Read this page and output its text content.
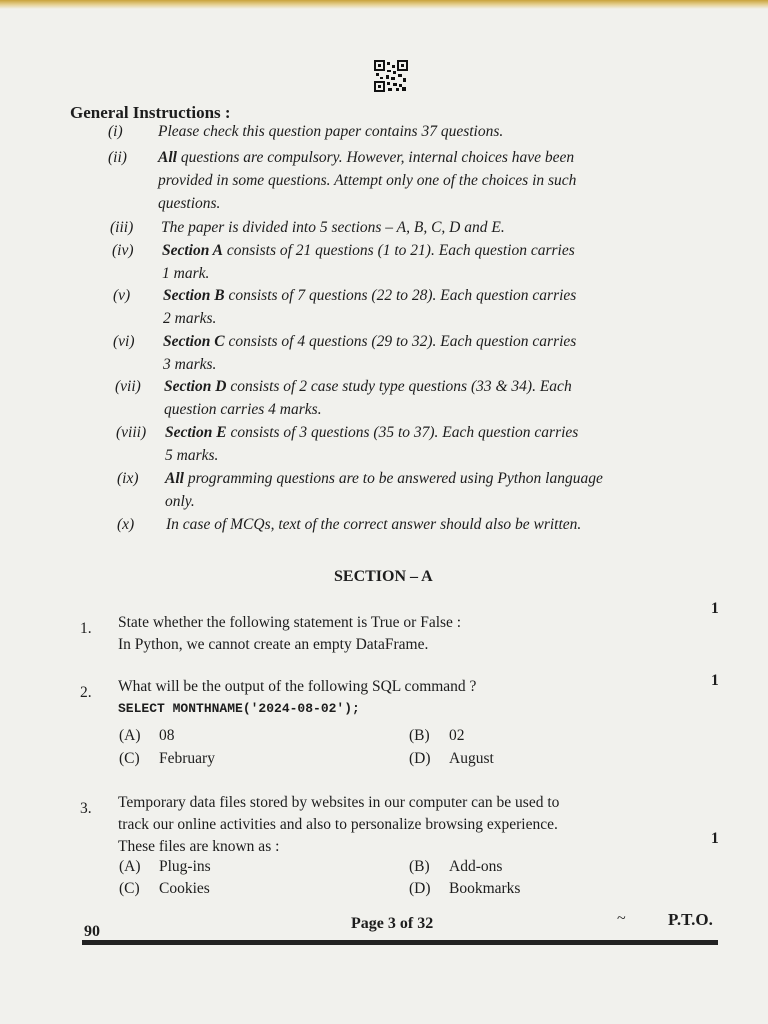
General Instructions :
(i) Please check this question paper contains 37 questions.
(ii) All questions are compulsory. However, internal choices have been
provided in some questions. Attempt only one of the choices in such
questions.
(iii) The paper is divided into 5 sections – A, B, C, D and E.
(iv) Section A consists of 21 questions (1 to 21). Each question carries
1 mark.
(v) Section B consists of 7 questions (22 to 28). Each question carries
2 marks.
(vi) Section C consists of 4 questions (29 to 32). Each question carries
3 marks.
(vii) Section D consists of 2 case study type questions (33 & 34). Each
question carries 4 marks.
(viii) Section E consists of 3 questions (35 to 37). Each question carries
5 marks.
(ix) All programming questions are to be answered using Python language
only.
(x) In case of MCQs, text of the correct answer should also be written.
SECTION – A
1. State whether the following statement is True or False :
In Python, we cannot create an empty DataFrame.
1
2. What will be the output of the following SQL command ?
SELECT MONTHNAME('2024-08-02');
1
(A) 08	(B) 02
(C) February	(D) August
3. Temporary data files stored by websites in our computer can be used to
track our online activities and also to personalize browsing experience.
These files are known as :	1
(A) Plug-ins	(B) Add-ons
(C) Cookies	(D) Bookmarks
90	Page 3 of 32	~ P.T.O.
